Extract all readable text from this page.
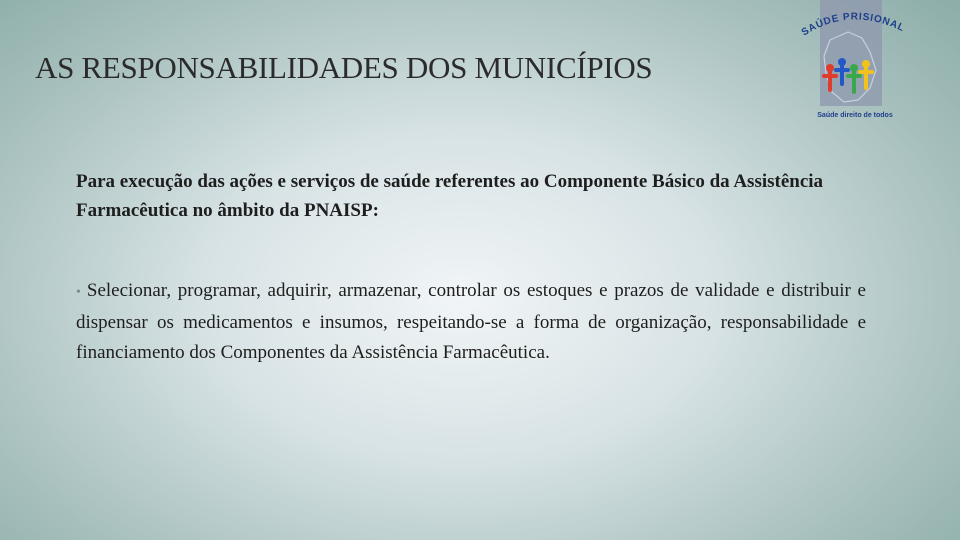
AS RESPONSABILIDADES DOS MUNICÍPIOS
SAÚDE PRISIONAL
Saúde direito de todos

Para execução das ações e serviços de saúde referentes ao Componente Básico da Assistência Farmacêutica no âmbito da PNAISP:

• Selecionar, programar, adquirir, armazenar, controlar os estoques e prazos de validade e distribuir e dispensar os medicamentos e insumos, respeitando-se a forma de organização, responsabilidade e financiamento dos Componentes da Assistência Farmacêutica.
